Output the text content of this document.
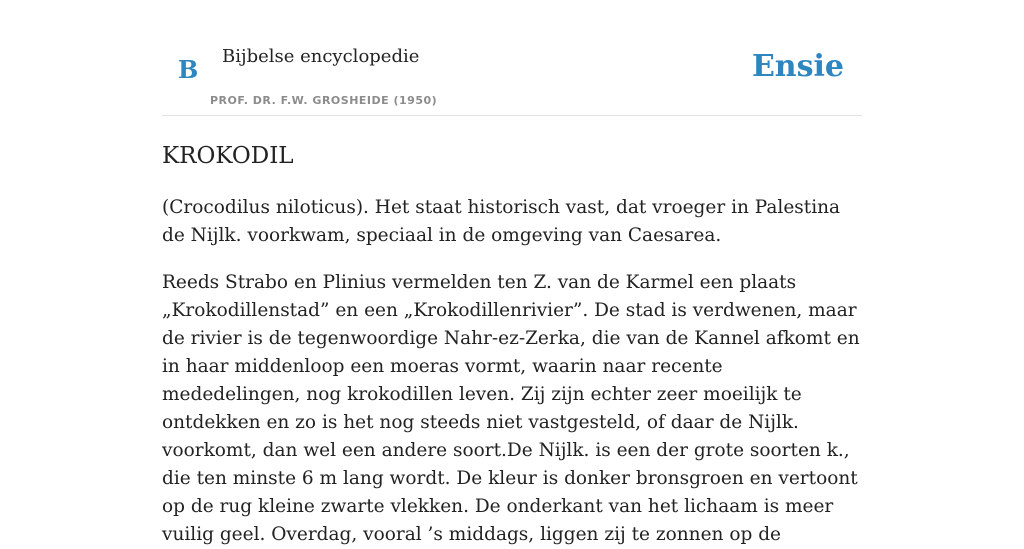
B Bijbelse encyclopedie
PROF. DR. F.W. GROSHEIDE (1950)
Ensie
KROKODIL

(Crocodilus niloticus). Het staat historisch vast, dat vroeger in Palestina de Nijlk. voorkwam, speciaal in de omgeving van Caesarea.

Reeds Strabo en Plinius vermelden ten Z. van de Karmel een plaats „Krokodillenstad” en een „Krokodillenrivier”. De stad is verdwenen, maar de rivier is de tegenwoordige Nahr-ez-Zerka, die van de Kannel afkomt en in haar middenloop een moeras vormt, waarin naar recente mededelingen, nog krokodillen leven. Zij zijn echter zeer moeilijk te ontdekken en zo is het nog steeds niet vastgesteld, of daar de Nijlk. voorkomt, dan wel een andere soort.De Nijlk. is een der grote soorten k., die ten minste 6 m lang wordt. De kleur is donker bronsgroen en vertoont op de rug kleine zwarte vlekken. De onderkant van het lichaam is meer vuilig geel. Overdag, vooral ’s middags, liggen zij te zonnen op de
